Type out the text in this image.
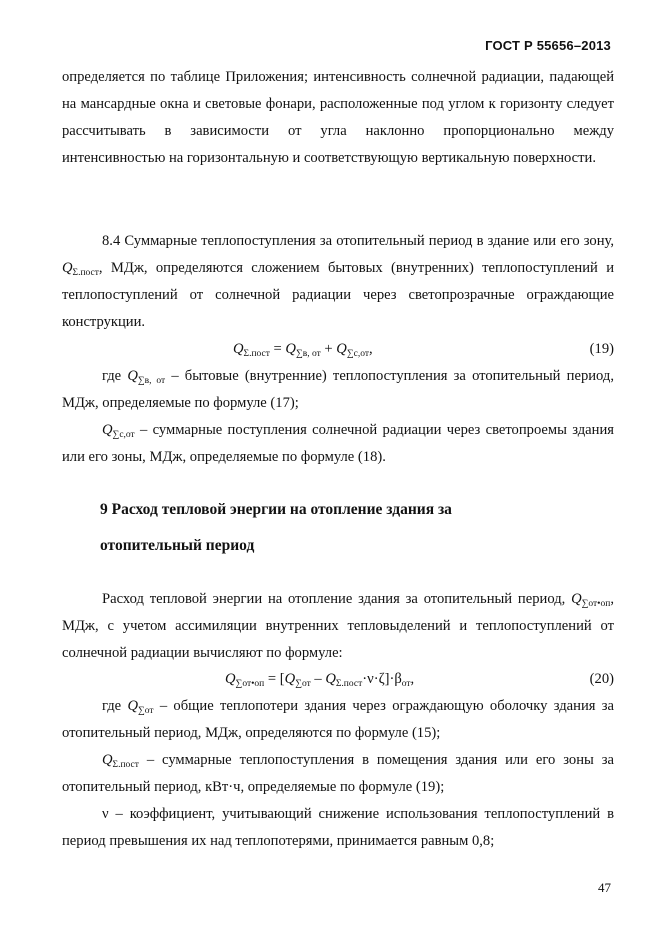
ГОСТ Р 55656–2013

определяется по таблице Приложения; интенсивность солнечной радиации, падающей на мансардные окна и световые фонари, расположенные под углом к горизонту следует рассчитывать в зависимости от угла наклонно пропорционально между интенсивностью на горизонтальную и соответствующую вертикальную поверхности.

8.4 Суммарные теплопоступления за отопительный период в здание или его зону, $Q_{\Sigma.пост}$, МДж, определяются сложением бытовых (внутренних) теплопоступлений и теплопоступлений от солнечной радиации через светопрозрачные ограждающие конструкции.

$Q_{\Sigma.пост} = Q_{\sum в, от} + Q_{\sum с,от}$,	(19)

где $Q_{\sum в, от}$ – бытовые (внутренние) теплопоступления за отопительный период, МДж, определяемые по формуле (17);

$Q_{\sum с,от}$ – суммарные поступления солнечной радиации через светопроемы здания или его зоны, МДж, определяемые по формуле (18).

9 Расход тепловой энергии на отопление здания за
отопительный период

Расход тепловой энергии на отопление здания за отопительный период, $Q_{\sum от•оп}$, МДж, с учетом ассимиляции внутренних тепловыделений и теплопоступлений от солнечной радиации вычисляют по формуле:

$Q_{\sum от•оп} = [Q_{\sum от} - Q_{\Sigma.пост}\cdot\nu\cdot\zeta]\cdot\beta_{от}$,	(20)

где $Q_{\sum от}$ – общие теплопотери здания через ограждающую оболочку здания за отопительный период, МДж, определяются по формуле (15);

$Q_{\Sigma.пост}$ – суммарные теплопоступления в помещения здания или его зоны за отопительный период, кВт·ч, определяемые по формуле (19);

ν – коэффициент, учитывающий снижение использования теплопоступлений в период превышения их над теплопотерями, принимается равным 0,8;

47
